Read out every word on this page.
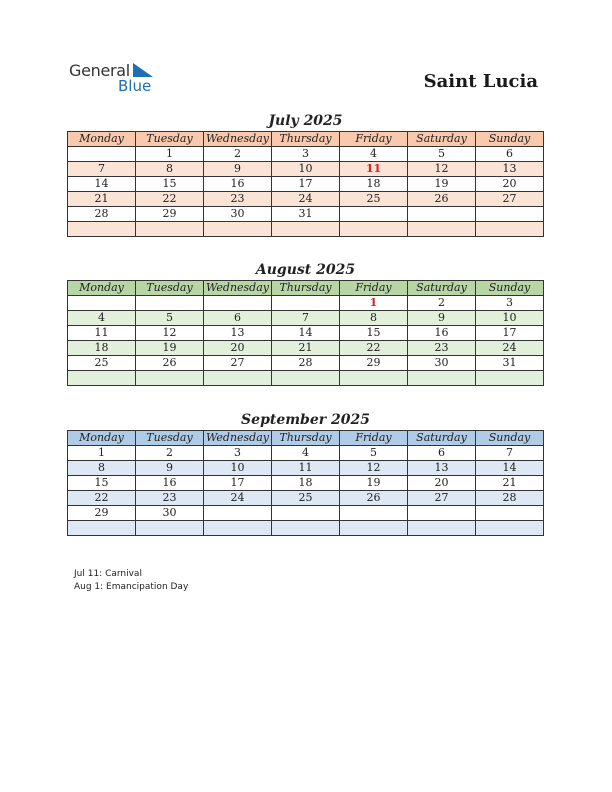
General
Blue	Saint Lucia
July 2025
Monday	Tuesday	Wednesday	Thursday	Friday	Saturday	Sunday
	1	2	3	4	5	6
7	8	9	10	11	12	13
14	15	16	17	18	19	20
21	22	23	24	25	26	27
28	29	30	31			

August 2025
Monday	Tuesday	Wednesday	Thursday	Friday	Saturday	Sunday
				1	2	3
4	5	6	7	8	9	10
11	12	13	14	15	16	17
18	19	20	21	22	23	24
25	26	27	28	29	30	31

September 2025
Monday	Tuesday	Wednesday	Thursday	Friday	Saturday	Sunday
1	2	3	4	5	6	7
8	9	10	11	12	13	14
15	16	17	18	19	20	21
22	23	24	25	26	27	28
29	30					

Jul 11: Carnival
Aug 1: Emancipation Day
